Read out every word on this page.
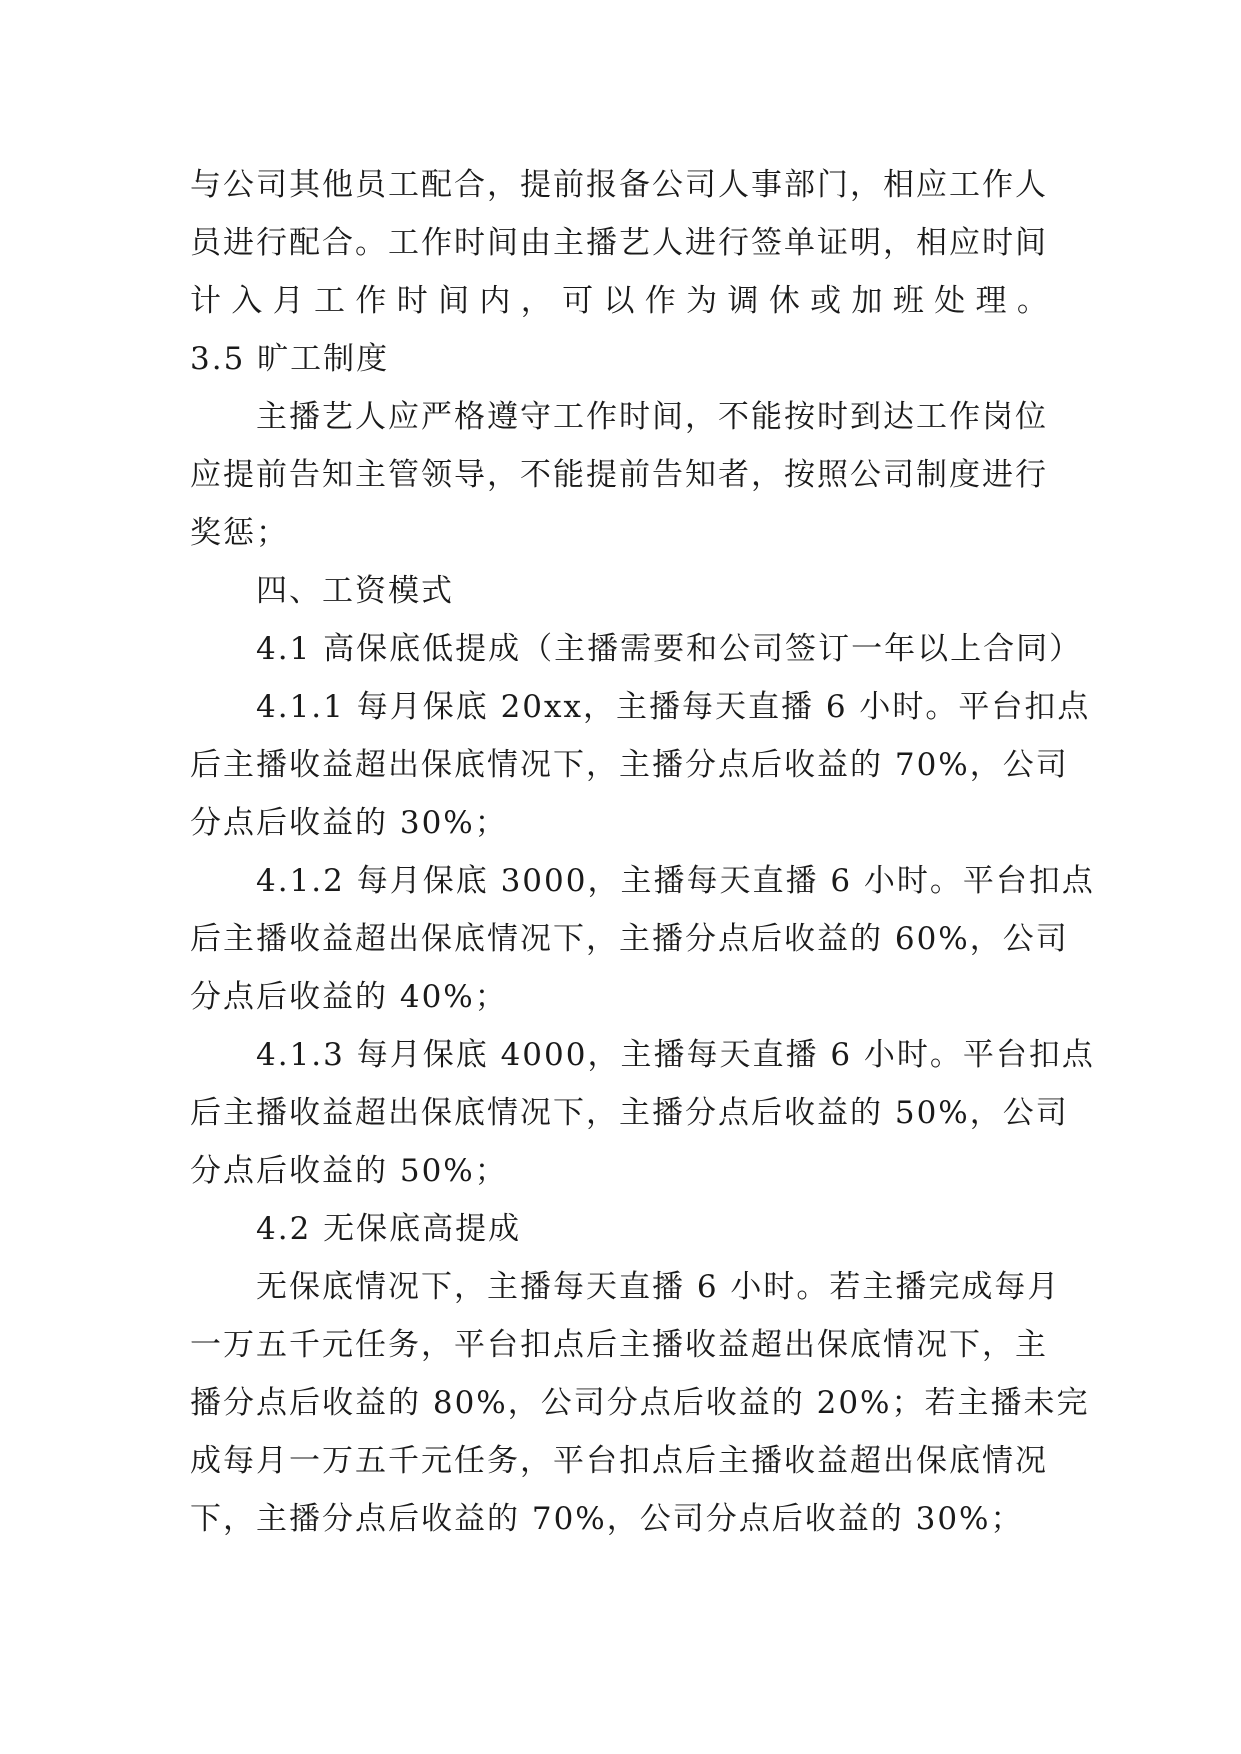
与公司其他员工配合，提前报备公司人事部门，相应工作人
员进行配合。工作时间由主播艺人进行签单证明，相应时间
计 入 月 工 作 时 间 内 ， 可 以 作 为 调 休 或 加 班 处 理 。
3.5 旷工制度
主播艺人应严格遵守工作时间，不能按时到达工作岗位
应提前告知主管领导，不能提前告知者，按照公司制度进行
奖惩；
四、工资模式
4.1 高保底低提成（主播需要和公司签订一年以上合同）
4.1.1 每月保底 20xx，主播每天直播 6 小时。平台扣点
后主播收益超出保底情况下，主播分点后收益的 70%，公司
分点后收益的 30%；
4.1.2 每月保底 3000，主播每天直播 6 小时。平台扣点
后主播收益超出保底情况下，主播分点后收益的 60%，公司
分点后收益的 40%；
4.1.3 每月保底 4000，主播每天直播 6 小时。平台扣点
后主播收益超出保底情况下，主播分点后收益的 50%，公司
分点后收益的 50%；
4.2 无保底高提成
无保底情况下，主播每天直播 6 小时。若主播完成每月
一万五千元任务，平台扣点后主播收益超出保底情况下，主
播分点后收益的 80%，公司分点后收益的 20%；若主播未完
成每月一万五千元任务，平台扣点后主播收益超出保底情况
下，主播分点后收益的 70%，公司分点后收益的 30%；
